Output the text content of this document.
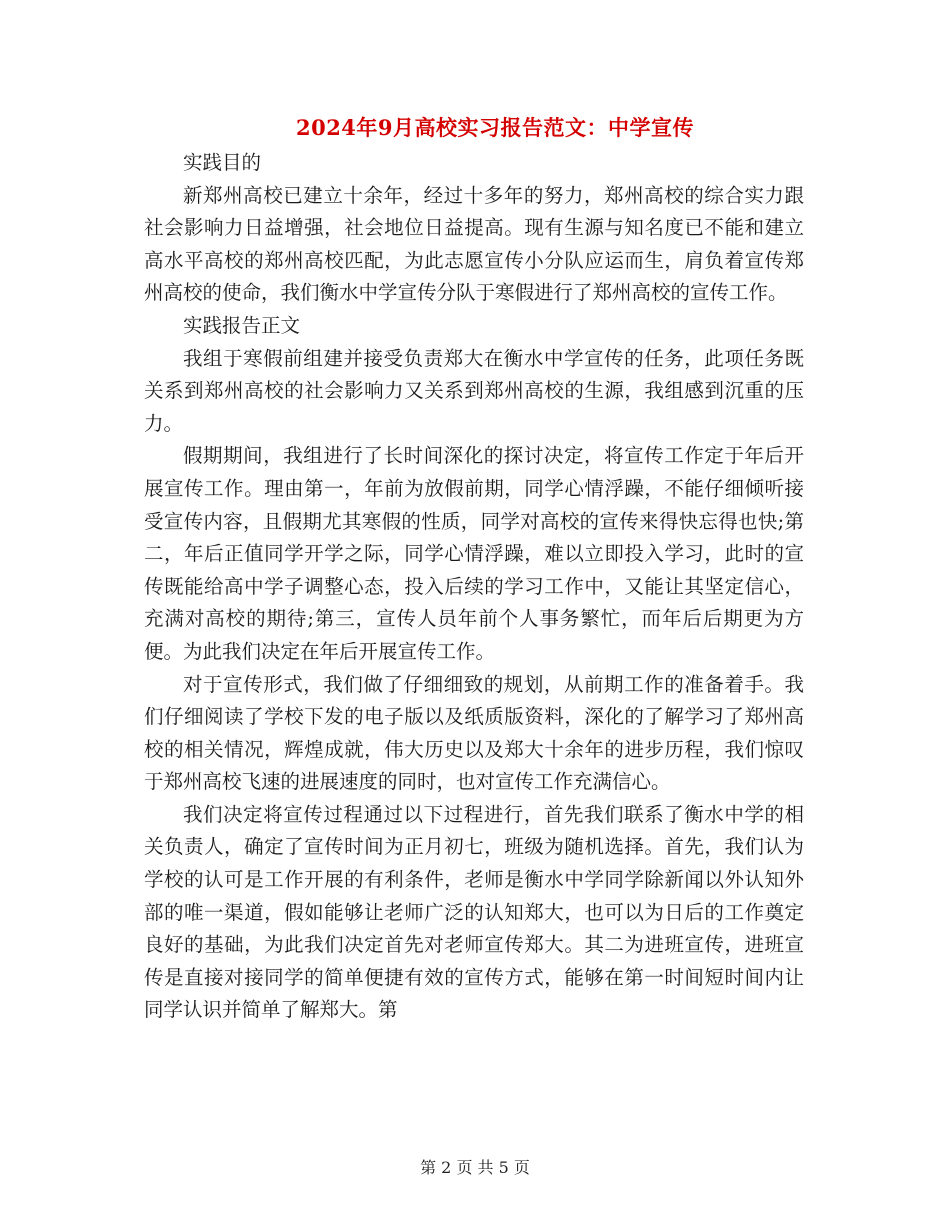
2024年9月高校实习报告范文：中学宣传

实践目的

新郑州高校已建立十余年，经过十多年的努力，郑州高校的综合实力跟社会影响力日益增强，社会地位日益提高。现有生源与知名度已不能和建立高水平高校的郑州高校匹配，为此志愿宣传小分队应运而生，肩负着宣传郑州高校的使命，我们衡水中学宣传分队于寒假进行了郑州高校的宣传工作。

实践报告正文

我组于寒假前组建并接受负责郑大在衡水中学宣传的任务，此项任务既关系到郑州高校的社会影响力又关系到郑州高校的生源，我组感到沉重的压力。

假期期间，我组进行了长时间深化的探讨决定，将宣传工作定于年后开展宣传工作。理由第一，年前为放假前期，同学心情浮躁，不能仔细倾听接受宣传内容，且假期尤其寒假的性质，同学对高校的宣传来得快忘得也快;第二，年后正值同学开学之际，同学心情浮躁，难以立即投入学习，此时的宣传既能给高中学子调整心态，投入后续的学习工作中，又能让其坚定信心，充满对高校的期待;第三，宣传人员年前个人事务繁忙，而年后后期更为方便。为此我们决定在年后开展宣传工作。

对于宣传形式，我们做了仔细细致的规划，从前期工作的准备着手。我们仔细阅读了学校下发的电子版以及纸质版资料，深化的了解学习了郑州高校的相关情况，辉煌成就，伟大历史以及郑大十余年的进步历程，我们惊叹于郑州高校飞速的进展速度的同时，也对宣传工作充满信心。

我们决定将宣传过程通过以下过程进行，首先我们联系了衡水中学的相关负责人，确定了宣传时间为正月初七，班级为随机选择。首先，我们认为学校的认可是工作开展的有利条件，老师是衡水中学同学除新闻以外认知外部的唯一渠道，假如能够让老师广泛的认知郑大，也可以为日后的工作奠定良好的基础，为此我们决定首先对老师宣传郑大。其二为进班宣传，进班宣传是直接对接同学的简单便捷有效的宣传方式，能够在第一时间短时间内让同学认识并简单了解郑大。第

第 2 页 共 5 页
